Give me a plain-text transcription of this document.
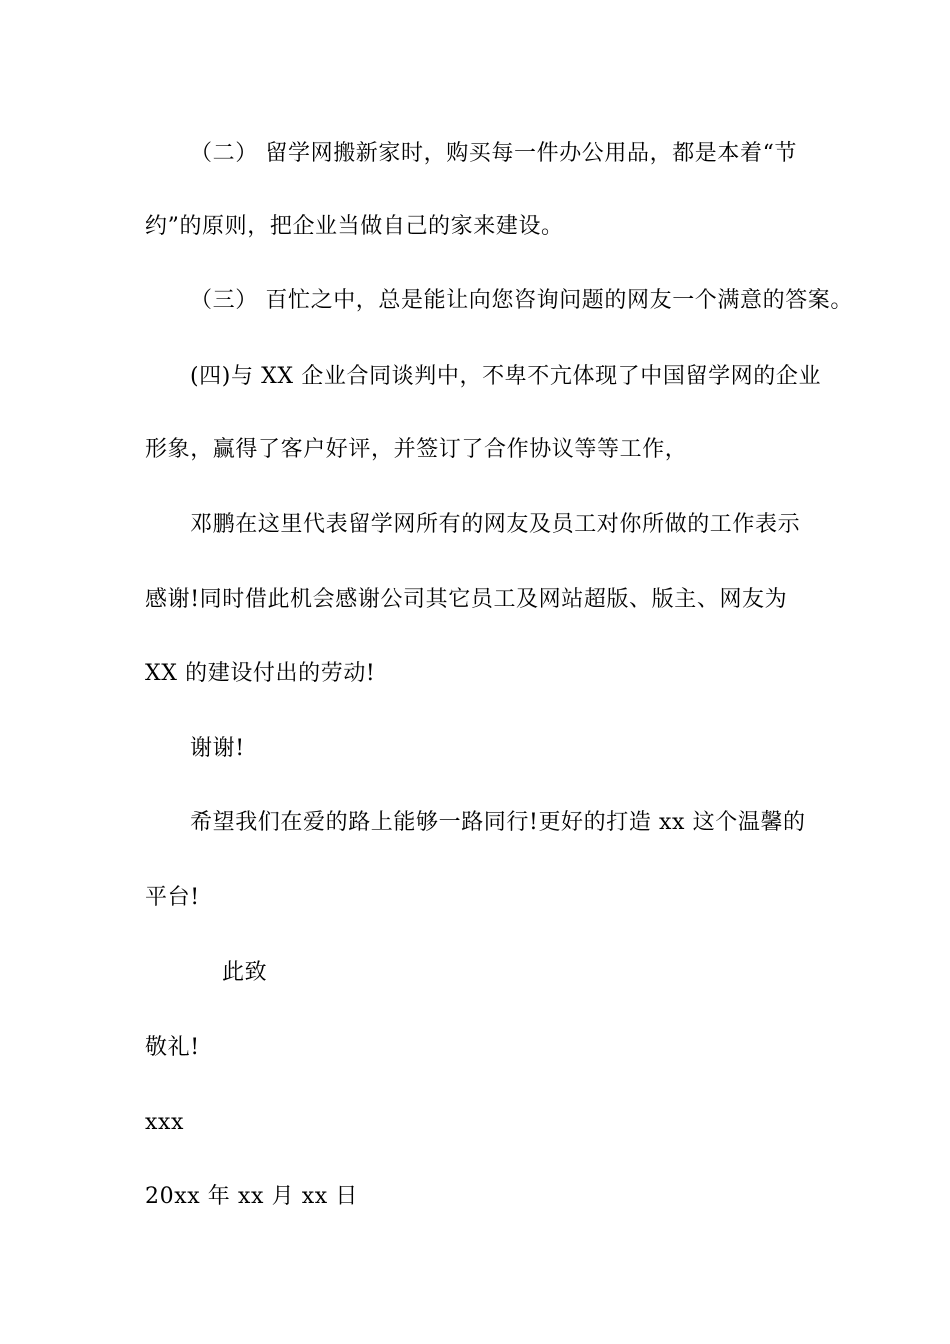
（二） 留学网搬新家时，购买每一件办公用品，都是本着“节
约”的原则，把企业当做自己的家来建设。
（三） 百忙之中，总是能让向您咨询问题的网友一个满意的答案。
(四)与 XX 企业合同谈判中，不卑不亢体现了中国留学网的企业
形象，赢得了客户好评，并签订了合作协议等等工作，
邓鹏在这里代表留学网所有的网友及员工对你所做的工作表示
感谢!同时借此机会感谢公司其它员工及网站超版、版主、网友为
XX 的建设付出的劳动!
谢谢!
希望我们在爱的路上能够一路同行!更好的打造 xx 这个温馨的
平台!
此致
敬礼!
xxx
20xx 年 xx 月 xx 日
